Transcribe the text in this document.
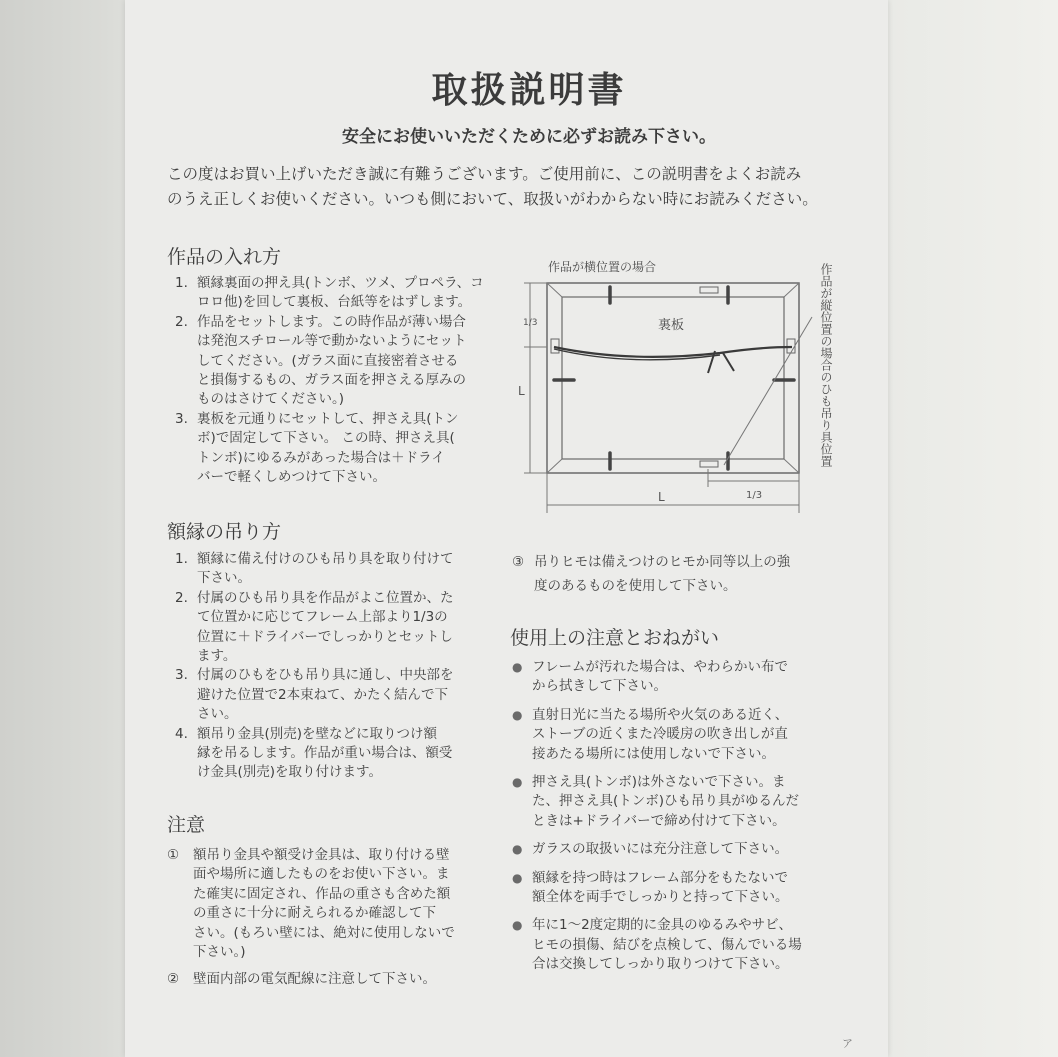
取扱説明書
安全にお使いいただくために必ずお読み下さい。
この度はお買い上げいただき誠に有難うございます。ご使用前に、この説明書をよくお読み
のうえ正しくお使いください。いつも側において、取扱いがわからない時にお読みください。
作品の入れ方
1. 額縁裏面の押え具(トンボ、ツメ、プロペラ、コ
ロロ他)を回して裏板、台紙等をはずします。
2. 作品をセットします。この時作品が薄い場合
は発泡スチロール等で動かないようにセット
してください。(ガラス面に直接密着させる
と損傷するもの、ガラス面を押さえる厚みの
ものはさけてください。)
3. 裏板を元通りにセットして、押さえ具(トン
ボ)で固定して下さい。 この時、押さえ具(
トンボ)にゆるみがあった場合は＋ドライ
バーで軽くしめつけて下さい。
作品が横位置の場合
裏板
L
1/3
L	1/3
作品が縦位置の場合のひも吊り具位置
額縁の吊り方
1. 額縁に備え付けのひも吊り具を取り付けて
下さい。
2. 付属のひも吊り具を作品がよこ位置か、た
て位置かに応じてフレーム上部より1/3の
位置に＋ドライバーでしっかりとセットし
ます。
3. 付属のひもをひも吊り具に通し、中央部を
避けた位置で2本束ねて、かたく結んで下
さい。
4. 額吊り金具(別売)を壁などに取りつけ額
縁を吊るします。作品が重い場合は、額受
け金具(別売)を取り付けます。
③ 吊りヒモは備えつけのヒモか同等以上の強
度のあるものを使用して下さい。
注意
① 額吊り金具や額受け金具は、取り付ける壁
面や場所に適したものをお使い下さい。ま
た確実に固定され、作品の重さも含めた額
の重さに十分に耐えられるか確認して下
さい。(もろい壁には、絶対に使用しないで
下さい。)
② 壁面内部の電気配線に注意して下さい。
使用上の注意とおねがい
● フレームが汚れた場合は、やわらかい布で
から拭きして下さい。
● 直射日光に当たる場所や火気のある近く、
ストーブの近くまた冷暖房の吹き出しが直
接あたる場所には使用しないで下さい。
● 押さえ具(トンボ)は外さないで下さい。ま
た、押さえ具(トンボ)ひも吊り具がゆるんだ
ときは+ドライバーで締め付けて下さい。
● ガラスの取扱いには充分注意して下さい。
● 額縁を持つ時はフレーム部分をもたないで
額全体を両手でしっかりと持って下さい。
● 年に1～2度定期的に金具のゆるみやサビ、
ヒモの損傷、結びを点検して、傷んでいる場
合は交換してしっかり取りつけて下さい。
ア
